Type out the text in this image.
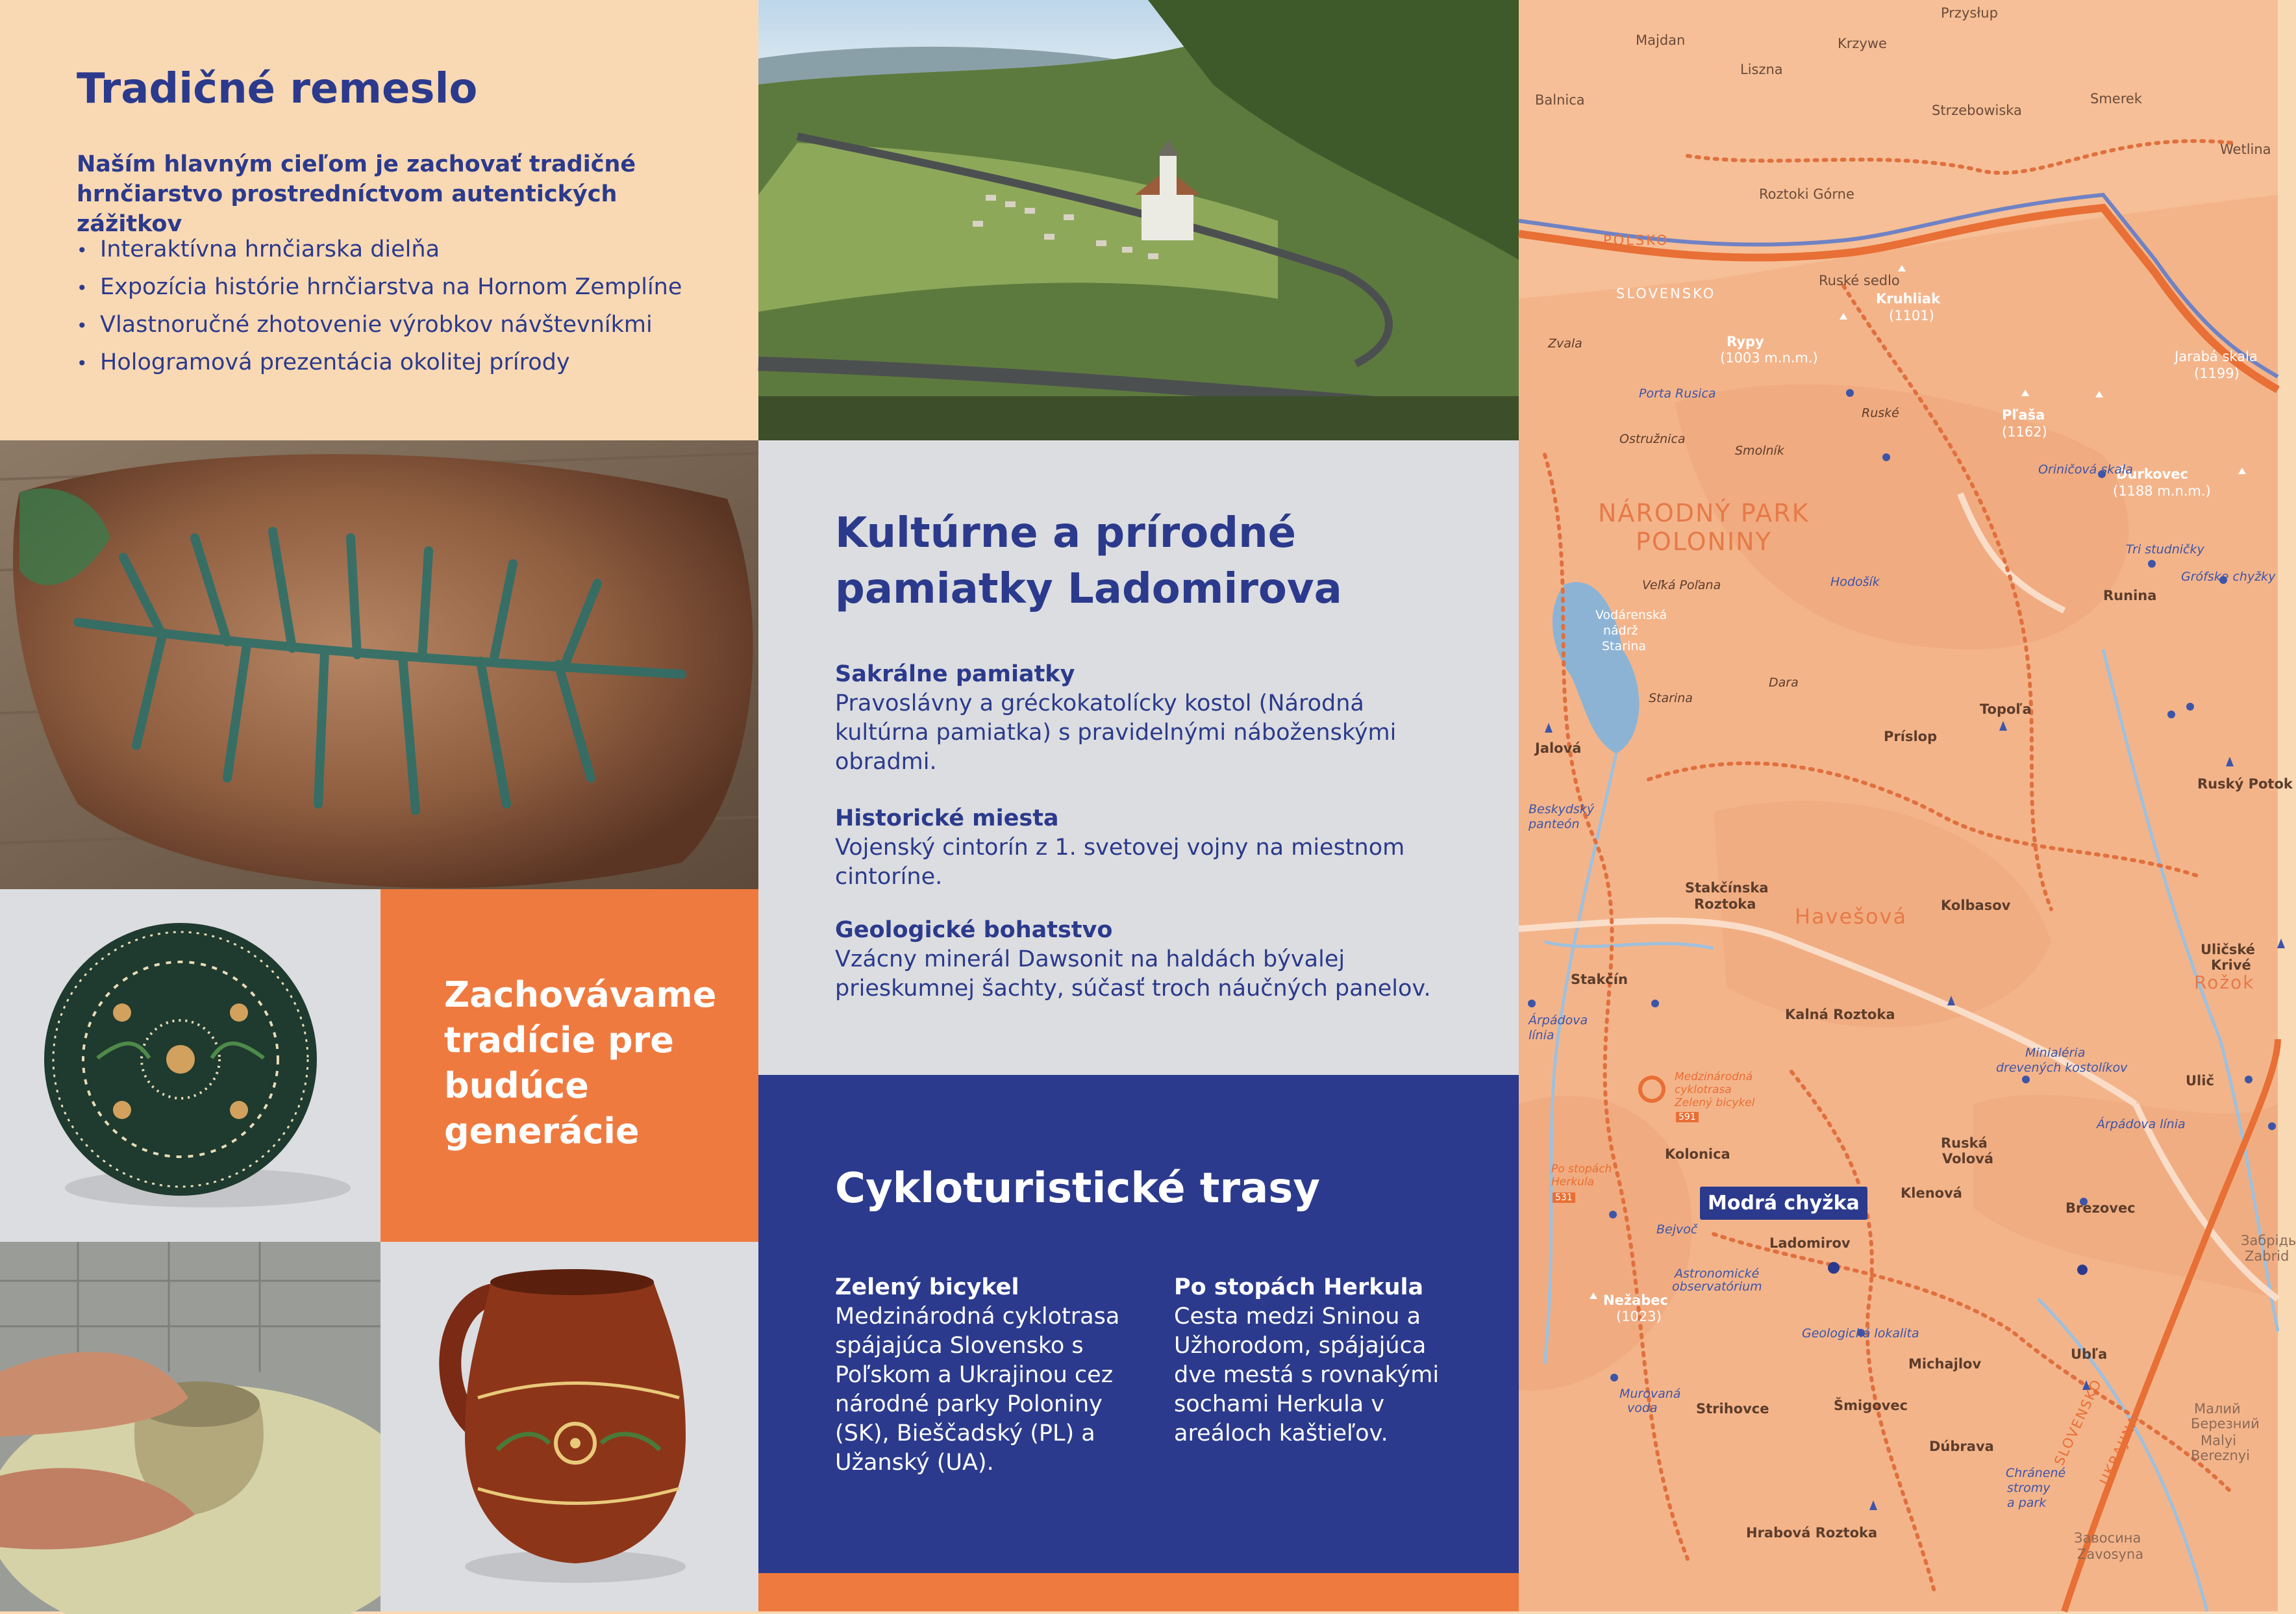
Tradičné remeslo

Naším hlavným cieľom je zachovať tradičné hrnčiarstvo prostredníctvom autentických zážitkov

• Interaktívna hrnčiarska dielňa
• Expozícia histórie hrnčiarstva na Hornom Zemplíne
• Vlastnoručné zhotovenie výrobkov návštevníkmi
• Hologramová prezentácia okolitej prírody

Zachovávame tradície pre budúce generácie

Kultúrne a prírodné pamiatky Ladomirova
Sakrálne pamiatky
Pravoslávny a gréckokatolícky kostol (Národná kultúrna pamiatka) s pravidelnými náboženskými obradmi.
Historické miesta
Vojenský cintorín z 1. svetovej vojny na miestnom cintoríne.
Geologické bohatstvo
Vzácny minerál Dawsonit na haldách bývalej prieskumnej šachty, súčasť troch náučných panelov.
Cykloturistické trasy
Zelený bicykel
Medzinárodná cyklotrasa spájajúca Slovensko s Poľskom a Ukrajinou cez národné parky Poloniny (SK), Bieščadský (PL) a Užanský (UA).
Po stopách Herkula
Cesta medzi Sninou a Užhorodom, spájajúca dve mestá s rovnakými sochami Herkula v areáloch kaštieľov.
Majdan
Liszna
Krzywe
Przysłup
Balnica	Smerek
Strzebowiska
Wetlina
Roztoki Górne
POLSKO
SLOVENSKO
Ruské sedlo
Kruhliak
(1101)
Rypy
(1003 m.n.m.)	Jarabá skala
(1199)
Zvala
Porta Rusica
Ruské	Pľaša
(1162)
Ďurkovec
(1188 m.n.m.)
Ostružnica
Smolník
Oriničová skala
NÁRODNÝ PARK
POLONINY	Tri studničky
Grófske chyžky
Veľká Poľana	Hodošík
Runina
Vodárenská
nádrž
Starina
Starina
Dara
Topoľa
Jalová
Príslop
Beskydský
panteón
Ruský Potok
Stakčínska
Roztoka Havešová Kolbasov
Uličské
Krivé
Rožok
Stakčín
Árpádova
línia
Kalná Roztoka
Minialéria
drevených kostolíkov
Ulič
Medzinárodná
cyklotrasa
Zelený bicykel
591	Árpádova línia
Kolonica
Ruská
Volová
Po stopách
Herkula
531	Klenová
Brezovec
Bejvoč
Ladomirov	Забрідь
Zabrid
Astronomické
observatórium
Nežabec
(1023)
Geologická lokalita
Ubľa
Michajlov
Murovaná
voda	Strihovce	Šmigovec	Малий
Березний
Malyi
Bereznyi
Dúbrava
Chránené
stromy
a park
SLOVENSKO
UKRAJINA
Hrabová Roztoka	Завосина
Zavosyna
Modrá chyžka
